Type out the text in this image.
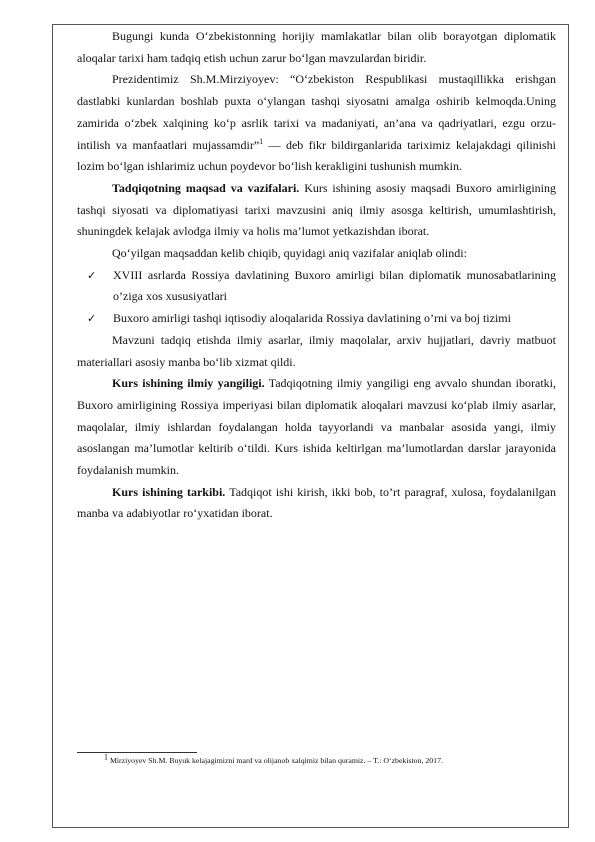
Bugungi kunda O‘zbekistonning horijiy mamlakatlar bilan olib borayotgan diplomatik aloqalar tarixi ham tadqiq etish uchun zarur bo‘lgan mavzulardan biridir.

Prezidentimiz Sh.M.Mirziyoyev: “O‘zbekiston Respublikasi mustaqillikka erishgan dastlabki kunlardan boshlab puxta o‘ylangan tashqi siyosatni amalga oshirib kelmoqda.Uning zamirida o‘zbek xalqining ko‘p asrlik tarixi va madaniyati, an’ana va qadriyatlari, ezgu orzu-intilish va manfaatlari mujassamdir”$^1$ — deb fikr bildirganlarida tariximiz kelajakdagi qilinishi lozim bo‘lgan ishlarimiz uchun poydevor bo‘lish kerakligini tushunish mumkin.

Tadqiqotning maqsad va vazifalari. Kurs ishining asosiy maqsadi Buxoro amirligining tashqi siyosati va diplomatiyasi tarixi mavzusini aniq ilmiy asosga keltirish, umumlashtirish, shuningdek kelajak avlodga ilmiy va holis ma’lumot yetkazishdan iborat.

Qo‘yilgan maqsaddan kelib chiqib, quyidagi aniq vazifalar aniqlab olindi:

✓ XVIII asrlarda Rossiya davlatining Buxoro amirligi bilan diplomatik munosabatlarining o’ziga xos xususiyatlari
✓ Buxoro amirligi tashqi iqtisodiy aloqalarida Rossiya davlatining o’rni va boj tizimi

Mavzuni tadqiq etishda ilmiy asarlar, ilmiy maqolalar, arxiv hujjatlari, davriy matbuot materiallari asosiy manba bo‘lib xizmat qildi.

Kurs ishining ilmiy yangiligi. Tadqiqotning ilmiy yangiligi eng avvalo shundan iboratki, Buxoro amirligining Rossiya imperiyasi bilan diplomatik aloqalari mavzusi ko‘plab ilmiy asarlar, maqolalar, ilmiy ishlardan foydalangan holda tayyorlandi va manbalar asosida yangi, ilmiy asoslangan ma’lumotlar keltirib o‘tildi. Kurs ishida keltirlgan ma’lumotlardan darslar jarayonida foydalanish mumkin.

Kurs ishining tarkibi. Tadqiqot ishi kirish, ikki bob, to’rt paragraf, xulosa, foydalanilgan manba va adabiyotlar ro‘yxatidan iborat.

$^1$ Mirziyoyev Sh.M. Buyuk kelajagimizni mard va olijanob xalqimiz bilan quramiz. – T.: O‘zbekiston, 2017.
